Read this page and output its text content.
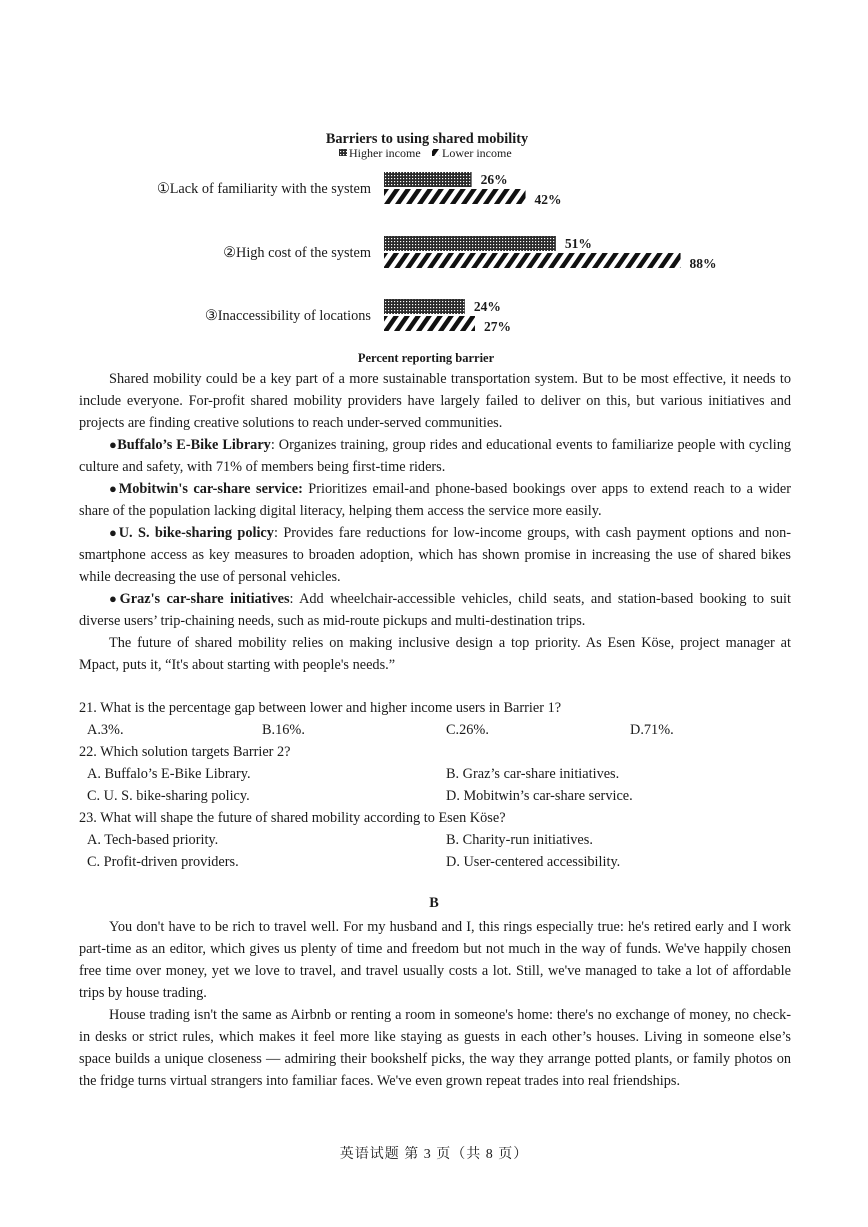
Barriers to using shared mobility
Higher income Lower income
①Lack of familiarity with the system
26%
42%
②High cost of the system
51%
88%
③Inaccessibility of locations
24%
27%
Percent reporting barrier

Shared mobility could be a key part of a more sustainable transportation system. But to be most effective, it needs to include everyone. For-profit shared mobility providers have largely failed to deliver on this, but various initiatives and projects are finding creative solutions to reach under-served communities.

●Buffalo’s E-Bike Library: Organizes training, group rides and educational events to familiarize people with cycling culture and safety, with 71% of members being first-time riders.

●Mobitwin's car-share service: Prioritizes email-and phone-based bookings over apps to extend reach to a wider share of the population lacking digital literacy, helping them access the service more easily.

●U. S. bike-sharing policy: Provides fare reductions for low-income groups, with cash payment options and non-smartphone access as key measures to broaden adoption, which has shown promise in increasing the use of shared bikes while decreasing the use of personal vehicles.

●Graz's car-share initiatives: Add wheelchair-accessible vehicles, child seats, and station-based booking to suit diverse users’ trip-chaining needs, such as mid-route pickups and multi-destination trips.

The future of shared mobility relies on making inclusive design a top priority. As Esen Köse, project manager at Mpact, puts it, “It's about starting with people's needs.”

21. What is the percentage gap between lower and higher income users in Barrier 1?
A.3%.	B.16%.	C.26%.	D.71%.
22. Which solution targets Barrier 2?
A. Buffalo’s E-Bike Library.	B. Graz’s car-share initiatives.
C. U. S. bike-sharing policy.	D. Mobitwin’s car-share service.
23. What will shape the future of shared mobility according to Esen Köse?
A. Tech-based priority.	B. Charity-run initiatives.
C. Profit-driven providers.	D. User-centered accessibility.
B

You don't have to be rich to travel well. For my husband and I, this rings especially true: he's retired early and I work part-time as an editor, which gives us plenty of time and freedom but not much in the way of funds. We've happily chosen free time over money, yet we love to travel, and travel usually costs a lot. Still, we've managed to take a lot of affordable trips by house trading.

House trading isn't the same as Airbnb or renting a room in someone's home: there's no exchange of money, no check-in desks or strict rules, which makes it feel more like staying as guests in each other’s houses. Living in someone else’s space builds a unique closeness — admiring their bookshelf picks, the way they arrange potted plants, or family photos on the fridge turns virtual strangers into familiar faces. We've even grown repeat trades into real friendships.

英语试题 第 3 页（共 8 页）
